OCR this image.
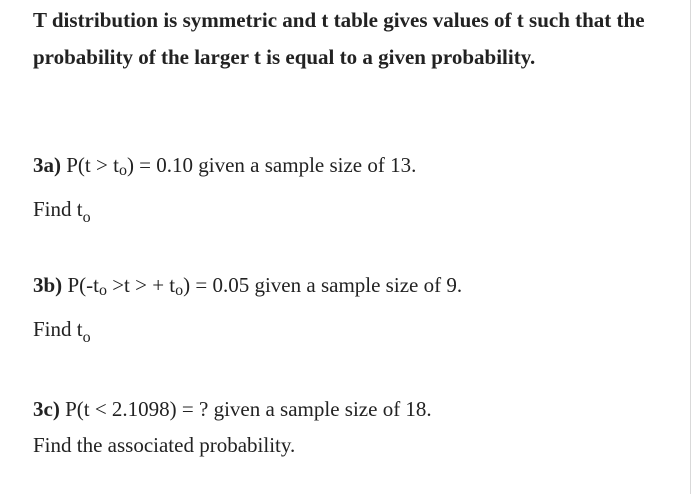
T distribution is symmetric and t table gives values of t such that the probability of the larger t is equal to a given probability.

3a) P(t > to) = 0.10 given a sample size of 13.

Find $t_o$

3b) P(-to >t > + to) = 0.05 given a sample size of 9.

Find $t_o$

3c) P(t < 2.1098) = ? given a sample size of 18.

Find the associated probability.
